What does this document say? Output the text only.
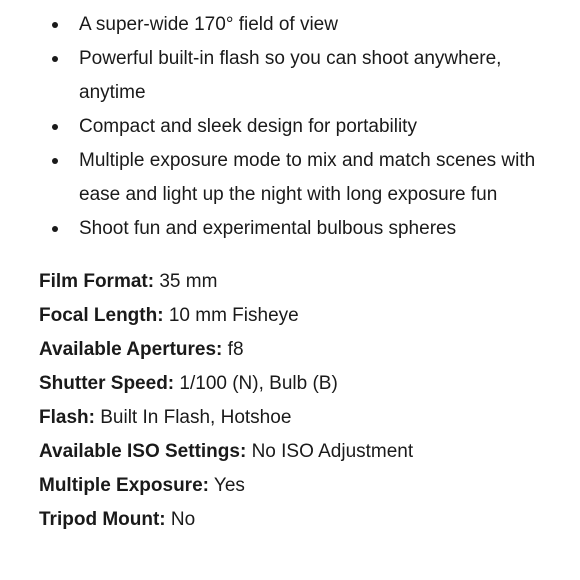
A super-wide 170° field of view
Powerful built-in flash so you can shoot anywhere, anytime
Compact and sleek design for portability
Multiple exposure mode to mix and match scenes with ease and light up the night with long exposure fun
Shoot fun and experimental bulbous spheres
Film Format: 35 mm
Focal Length: 10 mm Fisheye
Available Apertures: f8
Shutter Speed: 1/100 (N), Bulb (B)
Flash: Built In Flash, Hotshoe
Available ISO Settings: No ISO Adjustment
Multiple Exposure: Yes
Tripod Mount: No
